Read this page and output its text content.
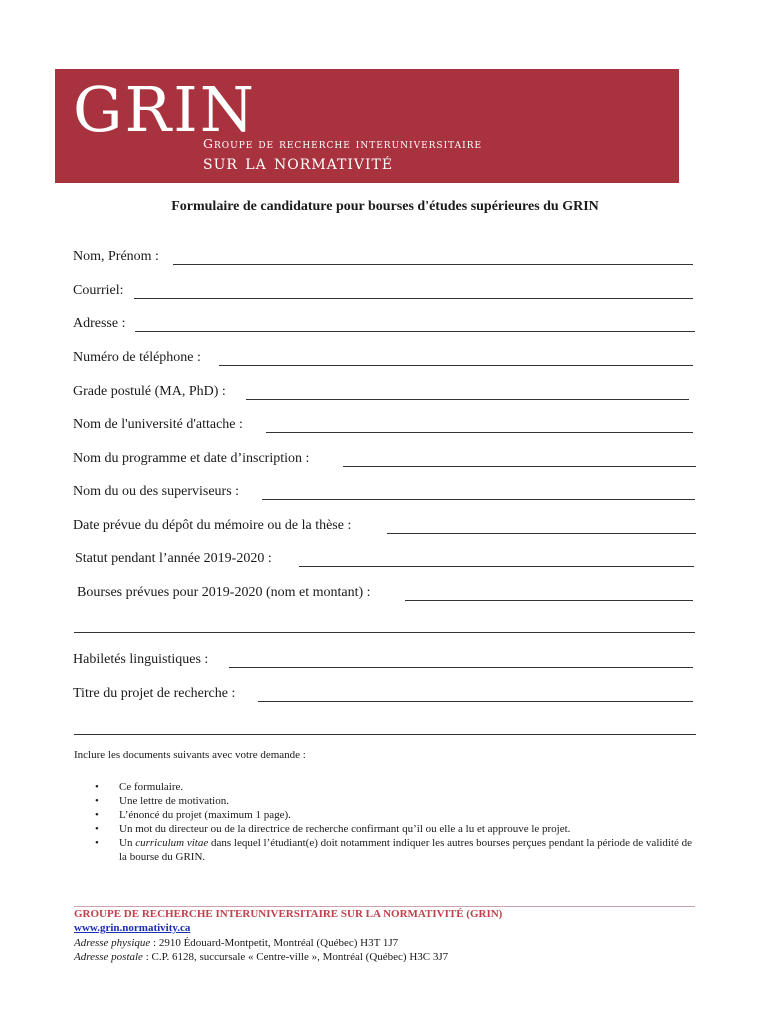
GRIN
Groupe de recherche interuniversitaire
sur la normativité
Formulaire de candidature pour bourses d'études supérieures du GRIN
Nom, Prénom :
Courriel:
Adresse :
Numéro de téléphone :
Grade postulé (MA, PhD) :
Nom de l'université d'attache :
Nom du programme et date d’inscription :
Nom du ou des superviseurs :
Date prévue du dépôt du mémoire ou de la thèse :
Statut pendant l’année 2019-2020 :
Bourses prévues pour 2019-2020 (nom et montant) :
Habiletés linguistiques :
Titre du projet de recherche :
Inclure les documents suivants avec votre demande :
• Ce formulaire.
• Une lettre de motivation.
• L’énoncé du projet (maximum 1 page).
• Un mot du directeur ou de la directrice de recherche confirmant qu’il ou elle a lu et approuve le projet.
• Un curriculum vitae dans lequel l’étudiant(e) doit notamment indiquer les autres bourses perçues pendant la période de validité de la bourse du GRIN.
GROUPE DE RECHERCHE INTERUNIVERSITAIRE SUR LA NORMATIVITÉ (GRIN)
www.grin.normativity.ca
Adresse physique : 2910 Édouard-Montpetit, Montréal (Québec) H3T 1J7
Adresse postale : C.P. 6128, succursale « Centre-ville », Montréal (Québec) H3C 3J7
